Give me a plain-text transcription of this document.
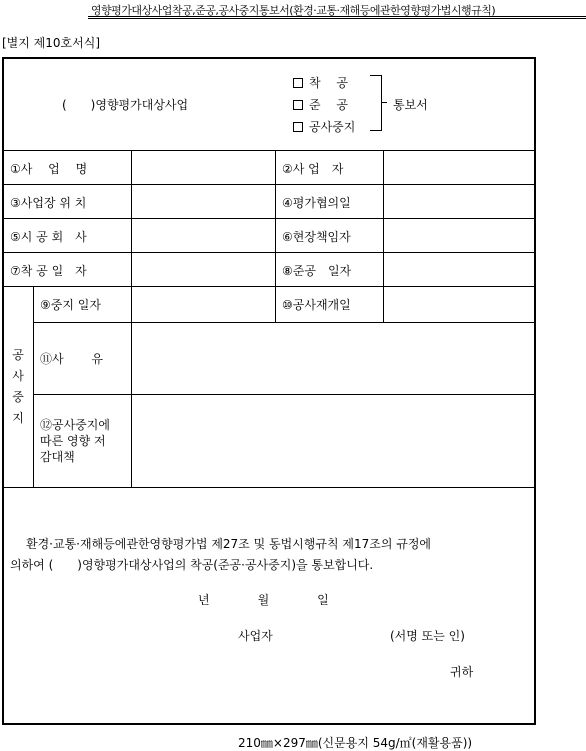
영향평가대상사업착공,준공,공사중지통보서(환경·교통·재해등에관한영향평가법시행규칙)
[별지 제10호서식]
(　　)영향평가대상사업
착　 공
준　 공
공사중지
통보서
①사　 업　 명	②사 업　자
③사업장 위 치	④평가협의일
⑤시 공 회　사	⑥현장책임자
⑦착 공 일　자	⑧준공　일자
공
사
중
지
⑨중지 일자	⑩공사재개일
⑪사　　 유
⑫공사중지에
따른 영향 저
감대책
환경·교통·재해등에관한영향평가법 제27조 및 동법시행규칙 제17조의 규정에
의하여 (　　)영향평가대상사업의 착공(준공·공사중지)을 통보합니다.
년　　　　월　　　　일
사업자	(서명 또는 인)
귀하
210㎜×297㎜(신문용지 54g/㎡(재활용품))
